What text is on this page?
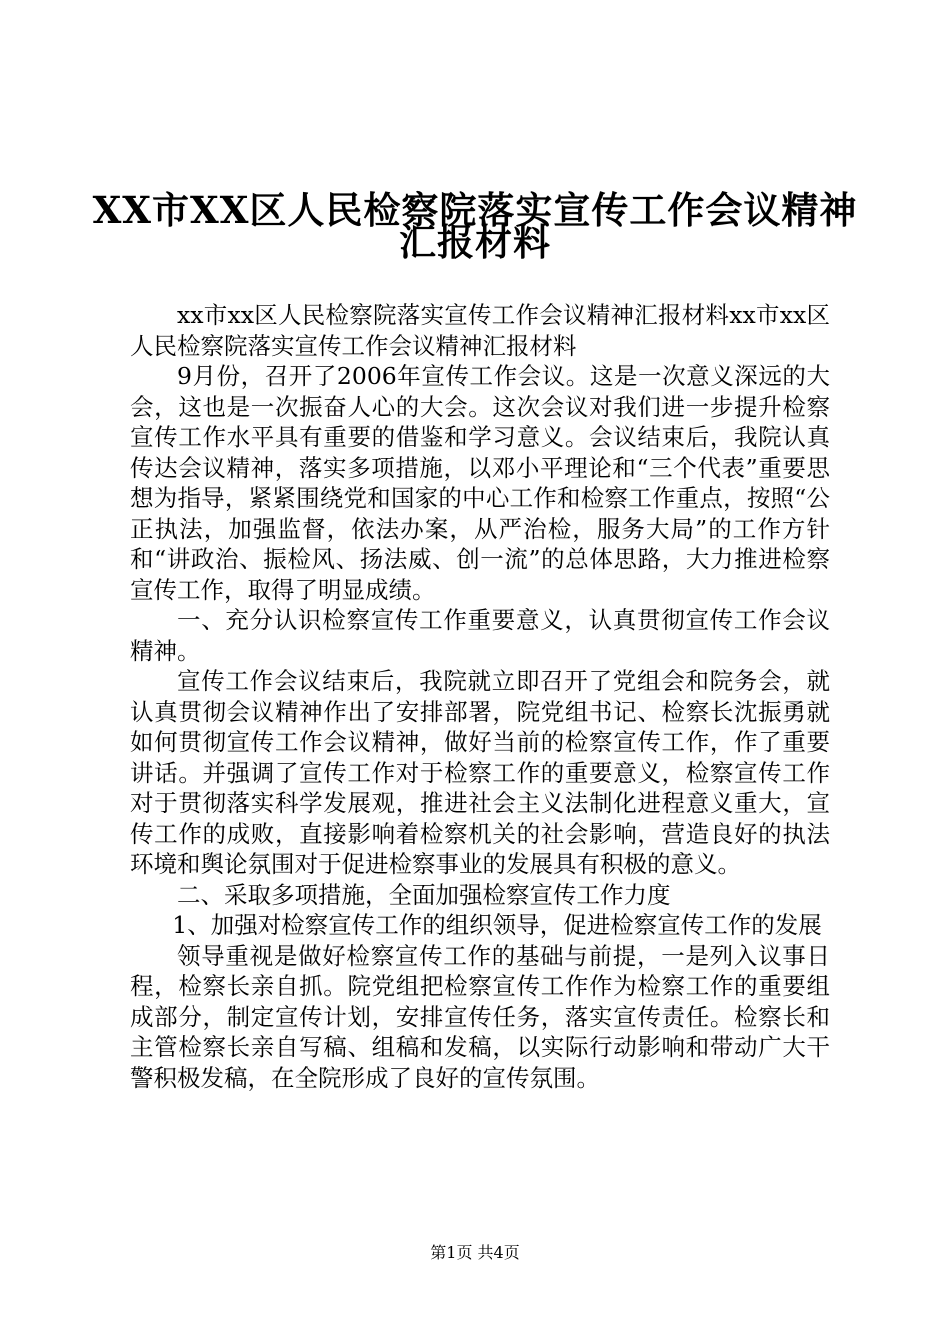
XX市XX区人民检察院落实宣传工作会议精神
汇报材料

xx市xx区人民检察院落实宣传工作会议精神汇报材料xx市xx区人民检察院落实宣传工作会议精神汇报材料

9月份，召开了2006年宣传工作会议。这是一次意义深远的大会，这也是一次振奋人心的大会。这次会议对我们进一步提升检察宣传工作水平具有重要的借鉴和学习意义。会议结束后，我院认真传达会议精神，落实多项措施，以邓小平理论和“三个代表”重要思想为指导，紧紧围绕党和国家的中心工作和检察工作重点，按照“公正执法，加强监督，依法办案，从严治检，服务大局”的工作方针和“讲政治、振检风、扬法威、创一流”的总体思路，大力推进检察宣传工作，取得了明显成绩。

一、充分认识检察宣传工作重要意义，认真贯彻宣传工作会议精神。

宣传工作会议结束后，我院就立即召开了党组会和院务会，就认真贯彻会议精神作出了安排部署，院党组书记、检察长沈振勇就如何贯彻宣传工作会议精神，做好当前的检察宣传工作，作了重要讲话。并强调了宣传工作对于检察工作的重要意义，检察宣传工作对于贯彻落实科学发展观，推进社会主义法制化进程意义重大，宣传工作的成败，直接影响着检察机关的社会影响，营造良好的执法环境和舆论氛围对于促进检察事业的发展具有积极的意义。

二、采取多项措施，全面加强检察宣传工作力度

1、加强对检察宣传工作的组织领导，促进检察宣传工作的发展

领导重视是做好检察宣传工作的基础与前提，一是列入议事日程，检察长亲自抓。院党组把检察宣传工作作为检察工作的重要组成部分，制定宣传计划，安排宣传任务，落实宣传责任。检察长和主管检察长亲自写稿、组稿和发稿，以实际行动影响和带动广大干警积极发稿，在全院形成了良好的宣传氛围。

第1页 共4页
